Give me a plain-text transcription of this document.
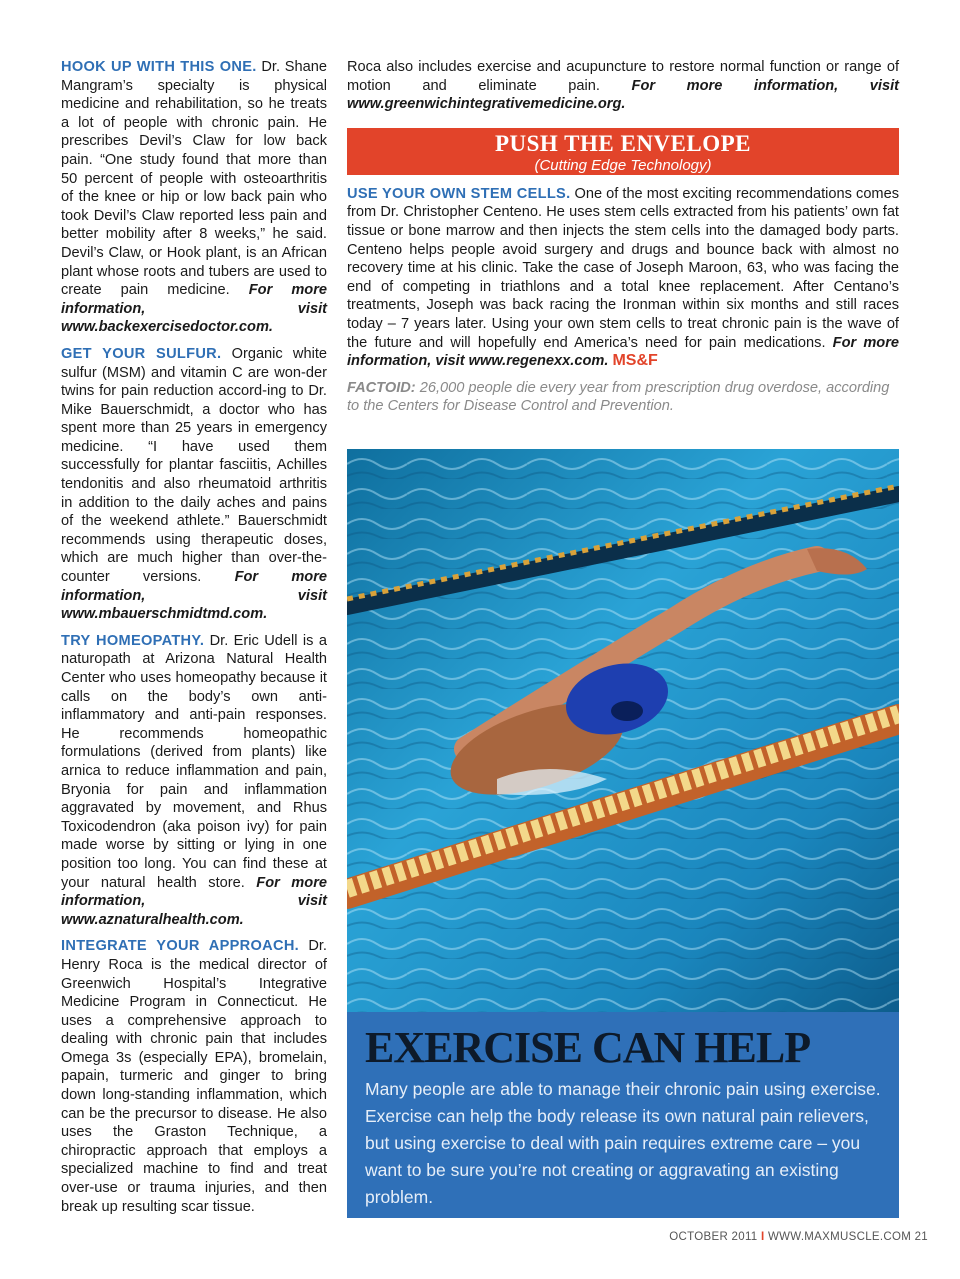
HOOK UP WITH THIS ONE. Dr. Shane Mangram’s specialty is physical medicine and rehabilitation, so he treats a lot of people with chronic pain. He prescribes Devil’s Claw for low back pain. “One study found that more than 50 percent of people with osteoarthritis of the knee or hip or low back pain who took Devil’s Claw reported less pain and better mobility after 8 weeks,” he said. Devil’s Claw, or Hook plant, is an African plant whose roots and tubers are used to create pain medicine. For more information, visit www.backexercisedoctor.com.

GET YOUR SULFUR. Organic white sulfur (MSM) and vitamin C are won-der twins for pain reduction accord-ing to Dr. Mike Bauerschmidt, a doctor who has spent more than 25 years in emergency medicine. “I have used them successfully for plantar fasciitis, Achilles tendonitis and also rheumatoid arthritis in addition to the daily aches and pains of the weekend athlete.” Bauerschmidt recommends using therapeutic doses, which are much higher than over-the-counter versions. For more information, visit www.mbauerschmidtmd.com.

TRY HOMEOPATHY. Dr. Eric Udell is a naturopath at Arizona Natural Health Center who uses homeopathy because it calls on the body’s own anti-inflammatory and anti-pain responses. He recommends homeopathic formulations (derived from plants) like arnica to reduce inflammation and pain, Bryonia for pain and inflammation aggravated by movement, and Rhus Toxicodendron (aka poison ivy) for pain made worse by sitting or lying in one position too long. You can find these at your natural health store. For more information, visit www.aznaturalhealth.com.

INTEGRATE YOUR APPROACH. Dr. Henry Roca is the medical director of Greenwich Hospital’s Integrative Medicine Program in Connecticut. He uses a comprehensive approach to dealing with chronic pain that includes Omega 3s (especially EPA), bromelain, papain, turmeric and ginger to bring down long-standing inflammation, which can be the precursor to disease. He also uses the Graston Technique, a chiropractic approach that employs a specialized machine to find and treat over-use or trauma injuries, and then break up resulting scar tissue.

Roca also includes exercise and acupuncture to restore normal function or range of motion and eliminate pain. For more information, visit www.greenwichintegrativemedicine.org.

PUSH THE ENVELOPE
(Cutting Edge Technology)

USE YOUR OWN STEM CELLS. One of the most exciting recommendations comes from Dr. Christopher Centeno. He uses stem cells extracted from his patients’ own fat tissue or bone marrow and then injects the stem cells into the damaged body parts. Centeno helps people avoid surgery and drugs and bounce back with almost no recovery time at his clinic. Take the case of Joseph Maroon, 63, who was facing the end of competing in triathlons and a total knee replacement. After Centano’s treatments, Joseph was back racing the Ironman within six months and still races today – 7 years later. Using your own stem cells to treat chronic pain is the wave of the future and will hopefully end America’s need for pain medications. For more information, visit www.regenexx.com. MS&F

FACTOID: 26,000 people die every year from prescription drug overdose, according to the Centers for Disease Control and Prevention.

EXERCISE CAN HELP

Many people are able to manage their chronic pain using exercise. Exercise can help the body release its own natural pain relievers, but using exercise to deal with pain requires extreme care – you want to be sure you’re not creating or aggravating an existing problem.

OCTOBER 2011 I WWW.MAXMUSCLE.COM 21
